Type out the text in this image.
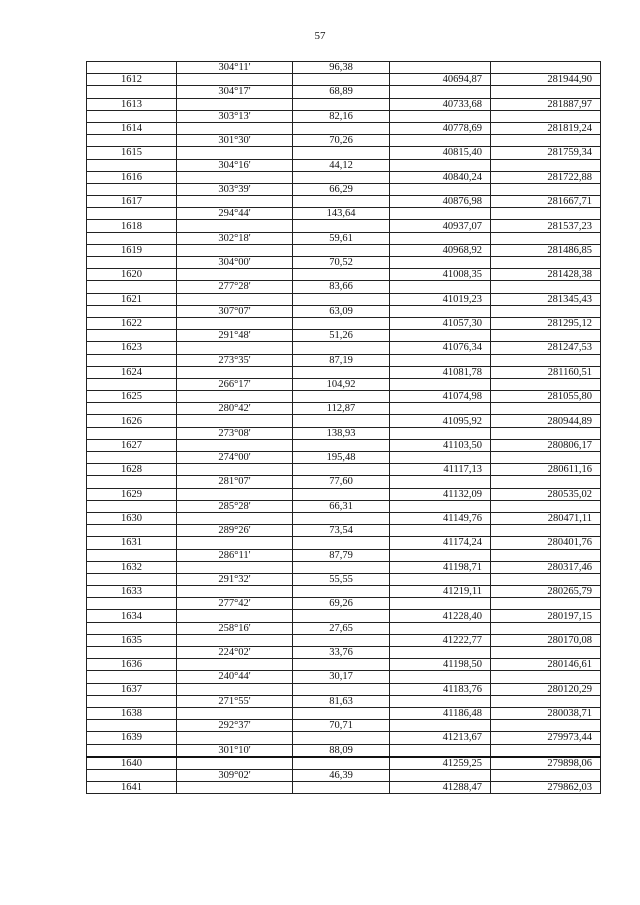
57
	304°11'	96,38		
1612			40694,87	281944,90
	304°17'	68,89		
1613			40733,68	281887,97
	303°13'	82,16		
1614			40778,69	281819,24
	301°30'	70,26		
1615			40815,40	281759,34
	304°16'	44,12		
1616			40840,24	281722,88
	303°39'	66,29		
1617			40876,98	281667,71
	294°44'	143,64		
1618			40937,07	281537,23
	302°18'	59,61		
1619			40968,92	281486,85
	304°00'	70,52		
1620			41008,35	281428,38
	277°28'	83,66		
1621			41019,23	281345,43
	307°07'	63,09		
1622			41057,30	281295,12
	291°48'	51,26		
1623			41076,34	281247,53
	273°35'	87,19		
1624			41081,78	281160,51
	266°17'	104,92		
1625			41074,98	281055,80
	280°42'	112,87		
1626			41095,92	280944,89
	273°08'	138,93		
1627			41103,50	280806,17
	274°00'	195,48		
1628			41117,13	280611,16
	281°07'	77,60		
1629			41132,09	280535,02
	285°28'	66,31		
1630			41149,76	280471,11
	289°26'	73,54		
1631			41174,24	280401,76
	286°11'	87,79		
1632			41198,71	280317,46
	291°32'	55,55		
1633			41219,11	280265,79
	277°42'	69,26		
1634			41228,40	280197,15
	258°16'	27,65		
1635			41222,77	280170,08
	224°02'	33,76		
1636			41198,50	280146,61
	240°44'	30,17		
1637			41183,76	280120,29
	271°55'	81,63		
1638			41186,48	280038,71
	292°37'	70,71		
1639			41213,67	279973,44
	301°10'	88,09		
1640			41259,25	279898,06
	309°02'	46,39		
1641			41288,47	279862,03
